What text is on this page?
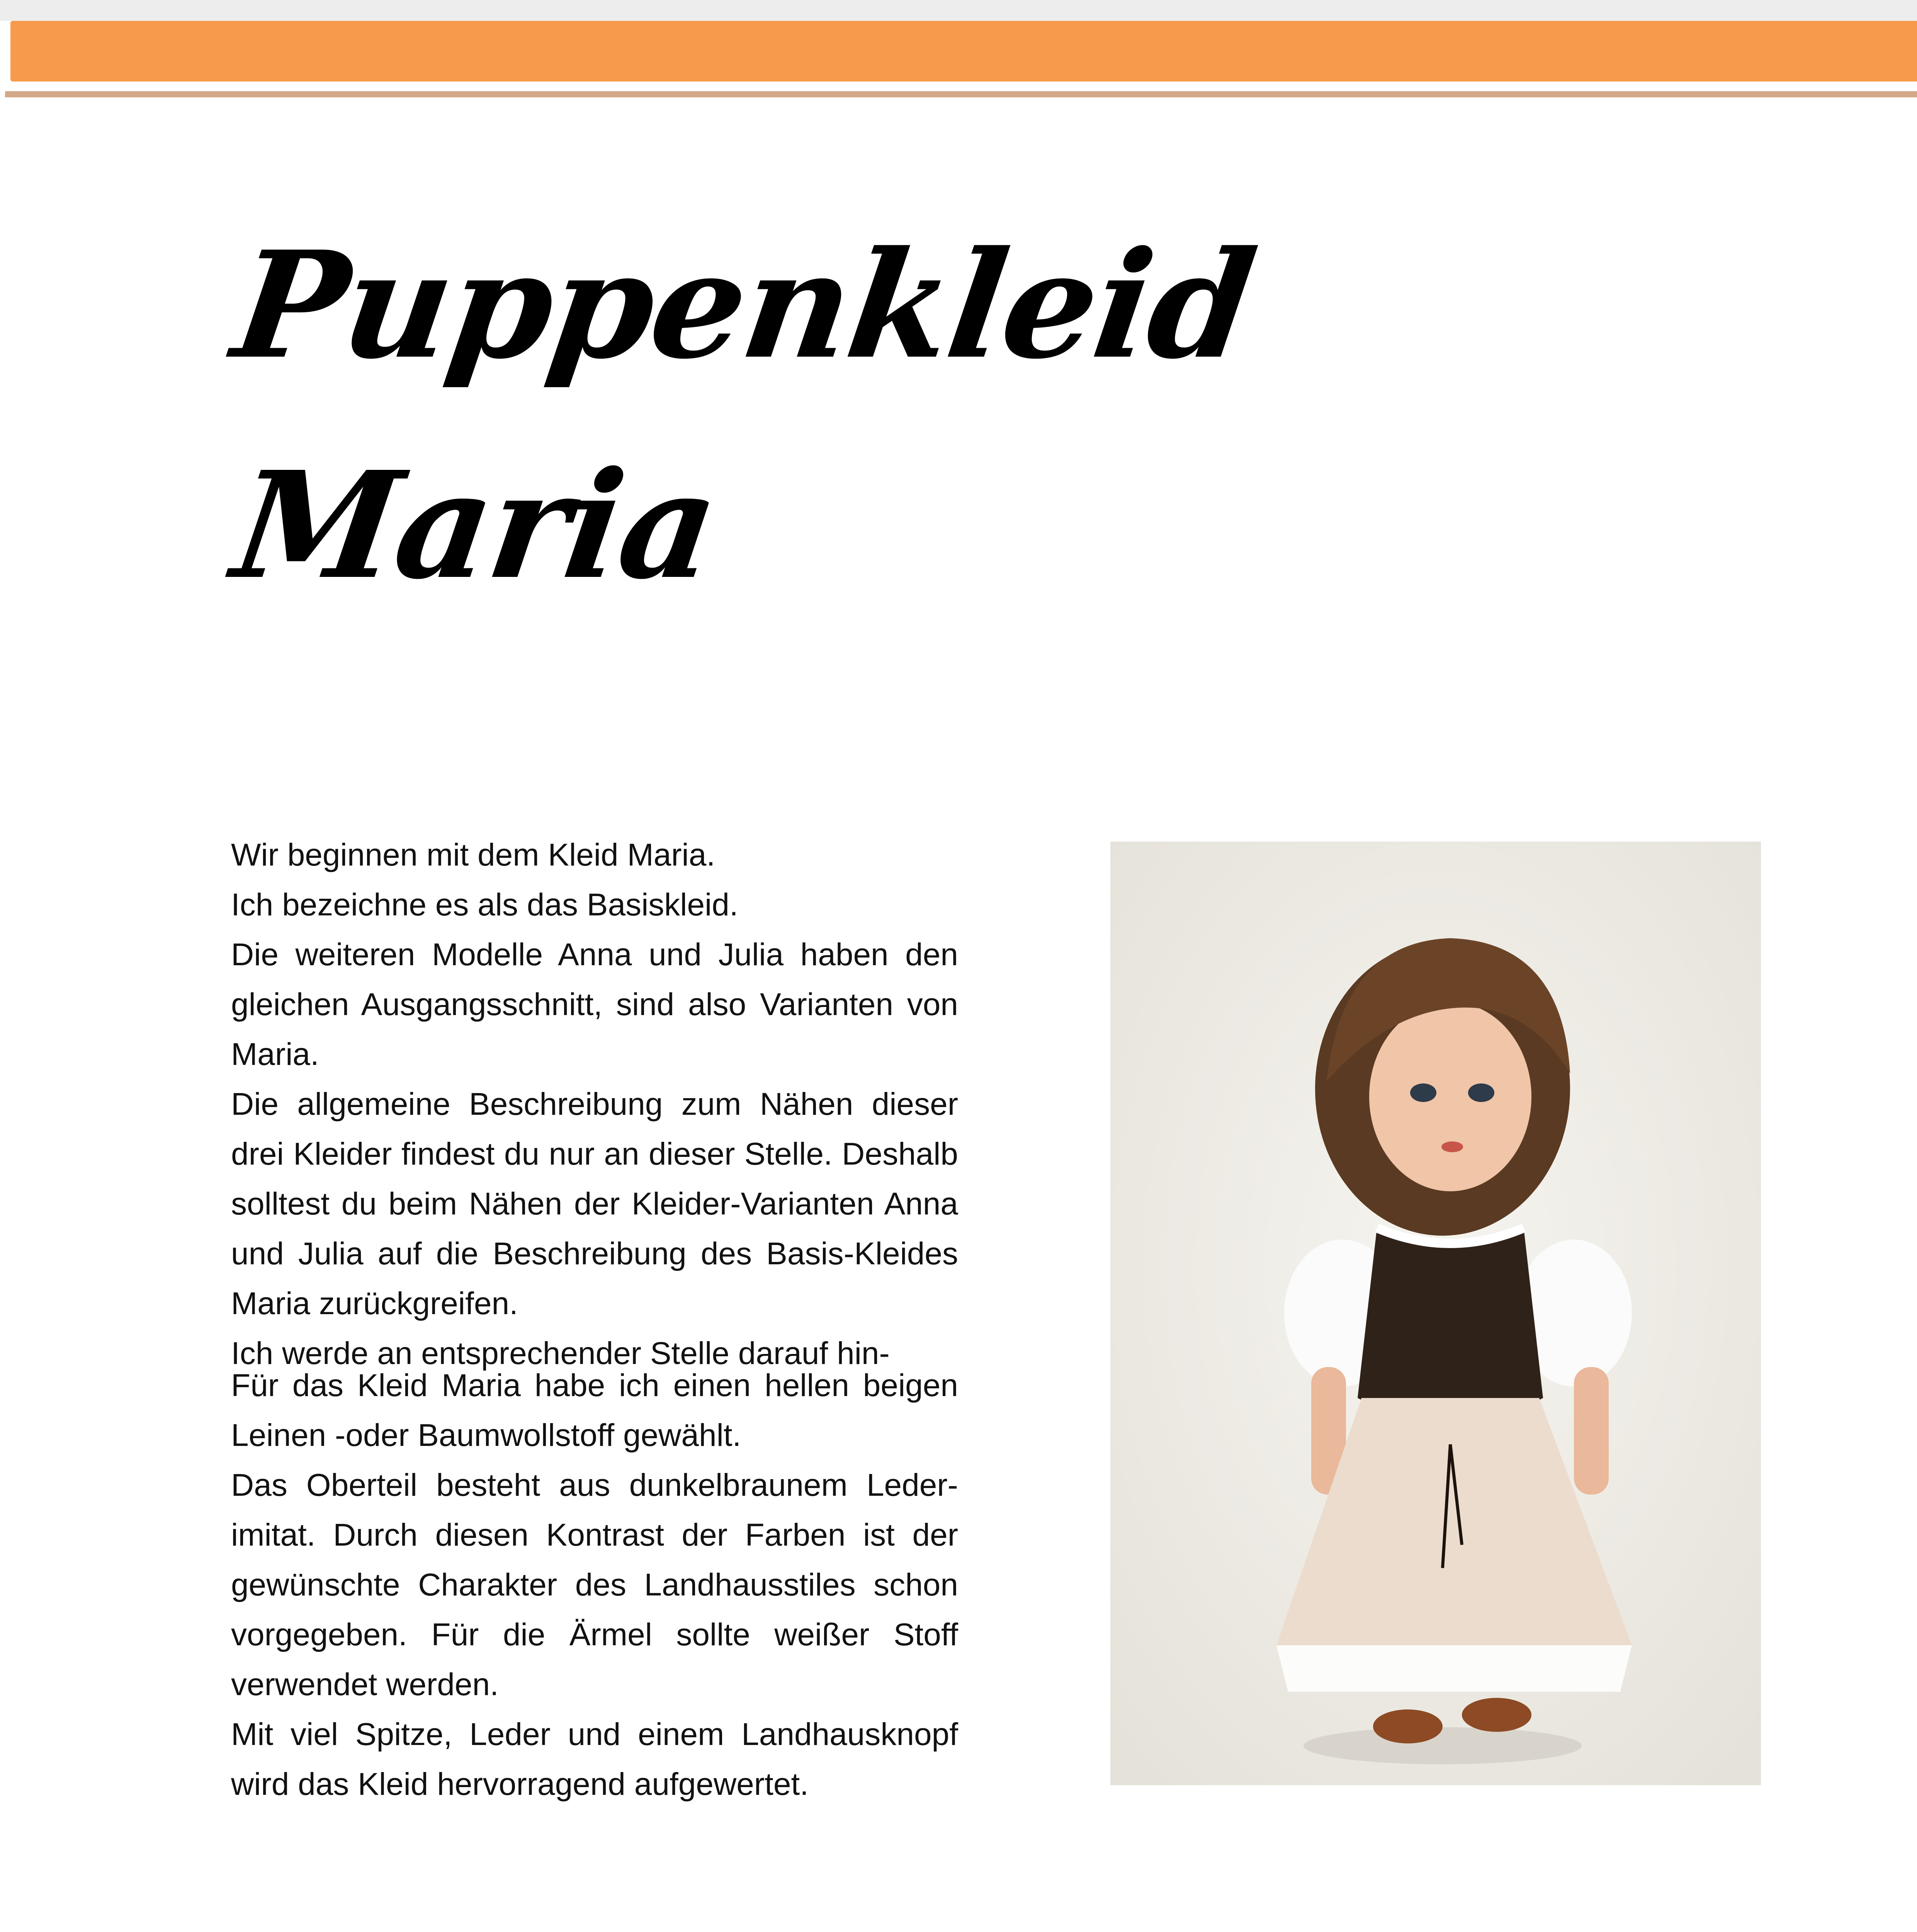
Puppenkleid
Maria

Wir beginnen mit dem Kleid Maria.

Ich bezeichne es als das Basiskleid.

Die weiteren Modelle Anna und Julia haben den gleichen Ausgangsschnitt, sind also Varianten von Maria.

Die allgemeine Beschreibung zum Nähen dieser drei Kleider findest du nur an dieser Stelle. Deshalb solltest du beim Nähen der Kleider-Varianten Anna und Julia auf die Beschreibung des Basis-Kleides Maria zurückgreifen.

Ich werde an entsprechender Stelle darauf hin-

Für das Kleid Maria habe ich einen hellen beigen Leinen -oder Baumwollstoff gewählt.

Das Oberteil besteht aus dunkelbraunem Leder-imitat. Durch diesen Kontrast der Farben ist der gewünschte Charakter des Landhausstiles schon vorgegeben. Für die Ärmel sollte weißer Stoff verwendet werden.

Mit viel Spitze, Leder und einem Landhausknopf wird das Kleid hervorragend aufgewertet.
